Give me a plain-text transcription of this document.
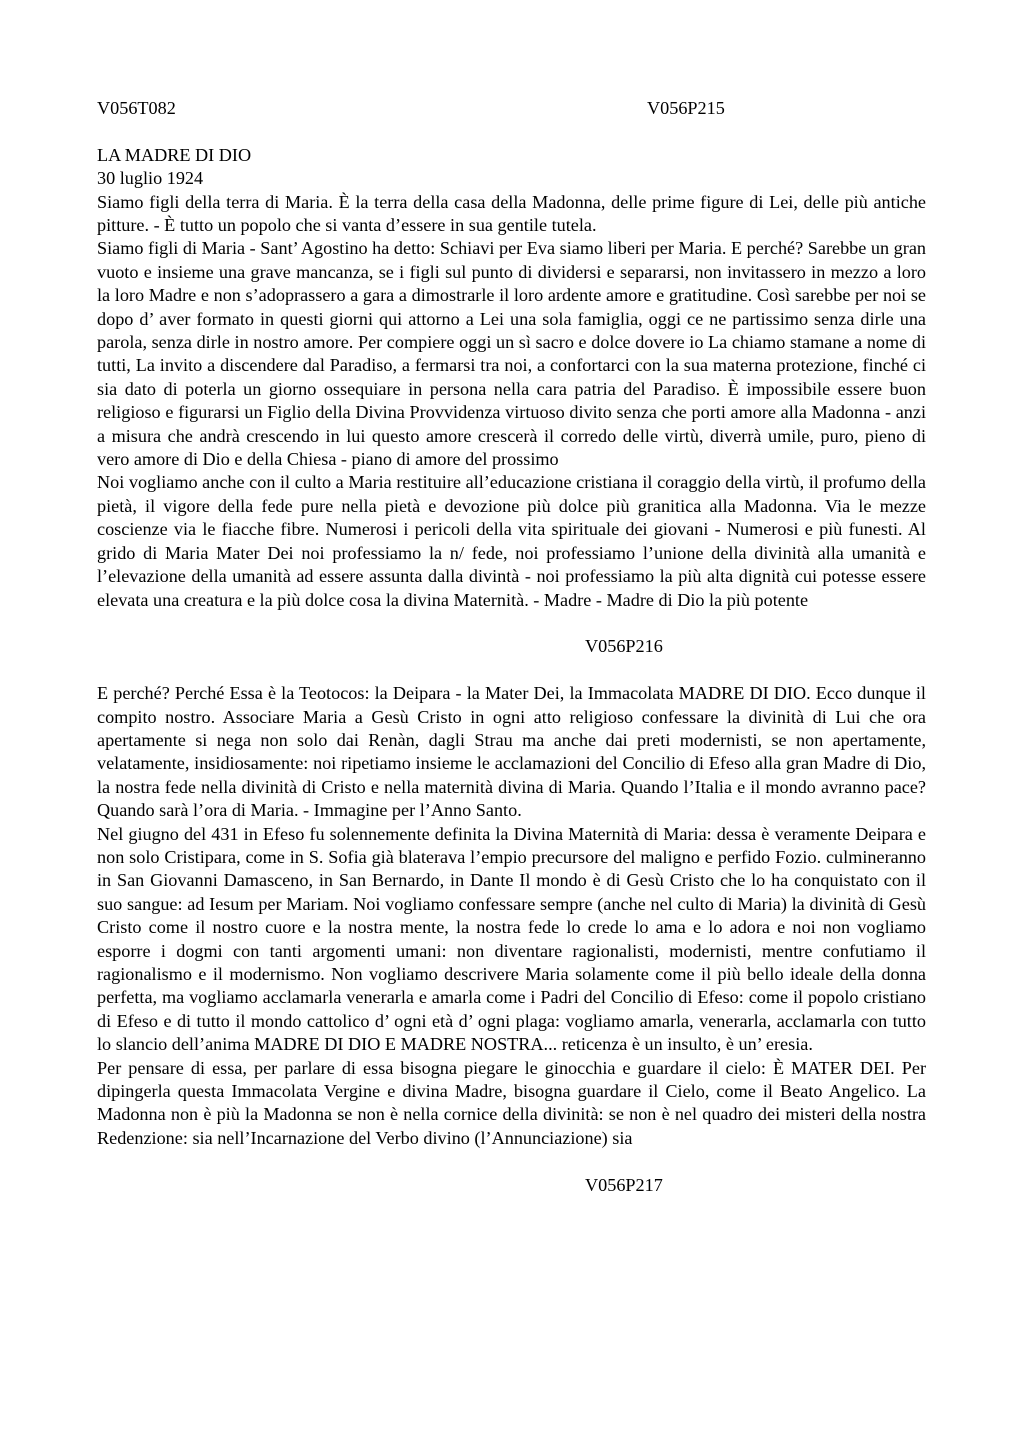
V056T082	V056P215

LA MADRE DI DIO

30 luglio 1924

Siamo figli della terra di Maria. È la terra della casa della Madonna, delle prime figure di Lei, delle più antiche pitture. - È tutto un popolo che si vanta d’essere in sua gentile tutela.

Siamo figli di Maria - Sant’ Agostino ha detto: Schiavi per Eva siamo liberi per Maria. E perché? Sarebbe un gran vuoto e insieme una grave mancanza, se i figli sul punto di dividersi e separarsi, non invitassero in mezzo a loro la loro Madre e non s’adoprassero a gara a dimostrarle il loro ardente amore e gratitudine. Così sarebbe per noi se dopo d’ aver formato in questi giorni qui attorno a Lei una sola famiglia, oggi ce ne partissimo senza dirle una parola, senza dirle in nostro amore. Per compiere oggi un sì sacro e dolce dovere io La chiamo stamane a nome di tutti, La invito a discendere dal Paradiso, a fermarsi tra noi, a confortarci con la sua materna protezione, finché ci sia dato di poterla un giorno ossequiare in persona nella cara patria del Paradiso. È impossibile essere buon religioso e figurarsi un Figlio della Divina Provvidenza virtuoso divito senza che porti amore alla Madonna - anzi a misura che andrà crescendo in lui questo amore crescerà il corredo delle virtù, diverrà umile, puro, pieno di vero amore di Dio e della Chiesa - piano di amore del prossimo

Noi vogliamo anche con il culto a Maria restituire all’educazione cristiana il coraggio della virtù, il profumo della pietà, il vigore della fede pure nella pietà e devozione più dolce più granitica alla Madonna. Via le mezze coscienze via le fiacche fibre. Numerosi i pericoli della vita spirituale dei giovani - Numerosi e più funesti. Al grido di Maria Mater Dei noi professiamo la n/ fede, noi professiamo l’unione della divinità alla umanità e l’elevazione della umanità ad essere assunta dalla divintà - noi professiamo la più alta dignità cui potesse essere elevata una creatura e la più dolce cosa la divina Maternità. - Madre - Madre di Dio la più potente

V056P216

E perché? Perché Essa è la Teotocos: la Deipara - la Mater Dei, la Immacolata MADRE DI DIO. Ecco dunque il compito nostro. Associare Maria a Gesù Cristo in ogni atto religioso confessare la divinità di Lui che ora apertamente si nega non solo dai Renàn, dagli Strau ma anche dai preti modernisti, se non apertamente, velatamente, insidiosamente: noi ripetiamo insieme le acclamazioni del Concilio di Efeso alla gran Madre di Dio, la nostra fede nella divinità di Cristo e nella maternità divina di Maria. Quando l’Italia e il mondo avranno pace? Quando sarà l’ora di Maria. - Immagine per l’Anno Santo.

Nel giugno del 431 in Efeso fu solennemente definita la Divina Maternità di Maria: dessa è veramente Deipara e non solo Cristipara, come in S. Sofia già blaterava l’empio precursore del maligno e perfido Fozio. culmineranno in San Giovanni Damasceno, in San Bernardo, in Dante Il mondo è di Gesù Cristo che lo ha conquistato con il suo sangue: ad Iesum per Mariam. Noi vogliamo confessare sempre (anche nel culto di Maria) la divinità di Gesù Cristo come il nostro cuore e la nostra mente, la nostra fede lo crede lo ama e lo adora e noi non vogliamo esporre i dogmi con tanti argomenti umani: non diventare ragionalisti, modernisti, mentre confutiamo il ragionalismo e il modernismo. Non vogliamo descrivere Maria solamente come il più bello ideale della donna perfetta, ma vogliamo acclamarla venerarla e amarla come i Padri del Concilio di Efeso: come il popolo cristiano di Efeso e di tutto il mondo cattolico d’ ogni età d’ ogni plaga: vogliamo amarla, venerarla, acclamarla con tutto lo slancio dell’anima MADRE DI DIO E MADRE NOSTRA... reticenza è un insulto, è un’ eresia.

Per pensare di essa, per parlare di essa bisogna piegare le ginocchia e guardare il cielo: È MATER DEI. Per dipingerla questa Immacolata Vergine e divina Madre, bisogna guardare il Cielo, come il Beato Angelico. La Madonna non è più la Madonna se non è nella cornice della divinità: se non è nel quadro dei misteri della nostra Redenzione: sia nell’Incarnazione del Verbo divino (l’Annunciazione) sia

V056P217
